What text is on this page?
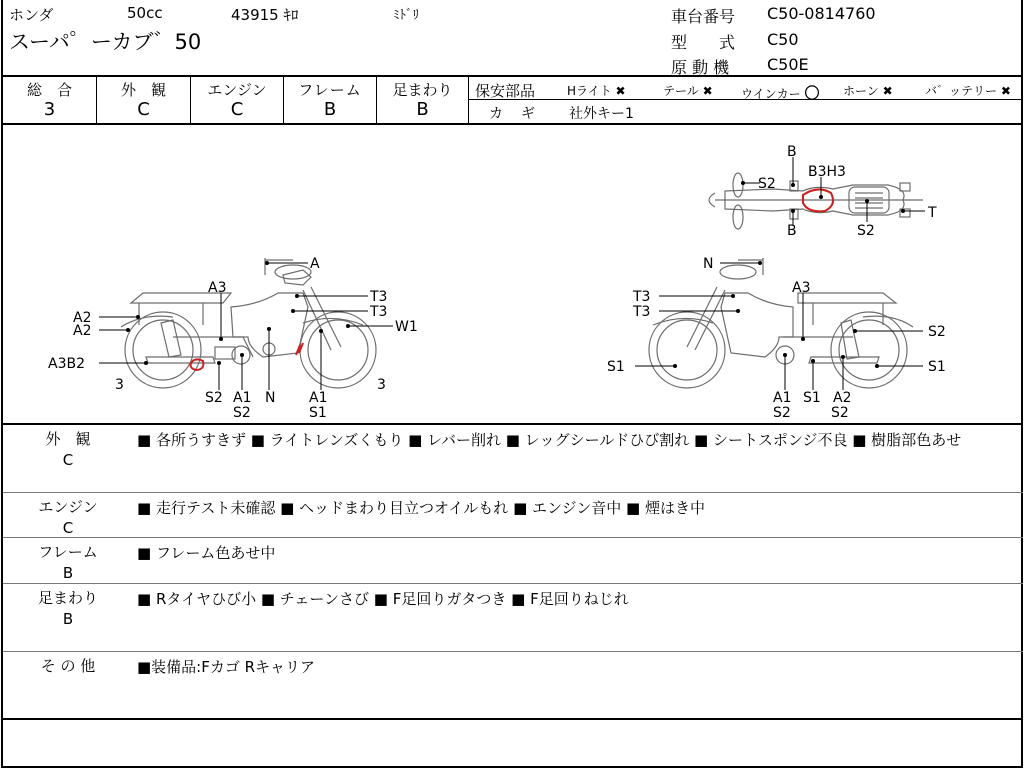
ホンダ	50cc	43915 ｷﾛ	ﾐﾄﾞﾘ
スーパ゜ーカブ゛50
車台番号 C50-0814760
型　　式 C50
原 動 機 C50E
総　合
3
外　観
C
エンジン
C
フレーム
B
足まわり
B
保安部品	Hライト ✖	テール ✖ ウインカー 〇 ホーン ✖	バ゛ッテリー ✖
カギ 社外キー1
B
B3H3
S2
T
B	S2
A
A3
A2
A2
A3B2
3
T3
T3
W1
S2 A1
S2
N A1
S1
3
N
T3
T3
A3
S2
S1	S1
A1 S1 A2
S2	S2
外　観
C
■ 各所うすきず ■ ライトレンズくもり ■ レバー削れ ■ レッグシールドひび割れ ■ シートスポンジ不良 ■ 樹脂部色あせ
エンジン
C
■ 走行テスト未確認 ■ ヘッドまわり目立つオイルもれ ■ エンジン音中 ■ 煙はき中
フレーム
B
■ フレーム色あせ中
足まわり
B
■ Rタイヤひび小 ■ チェーンさび ■ F足回りガタつき ■ F足回りねじれ
そ の 他	■装備品:Fカゴ Rキャリア
